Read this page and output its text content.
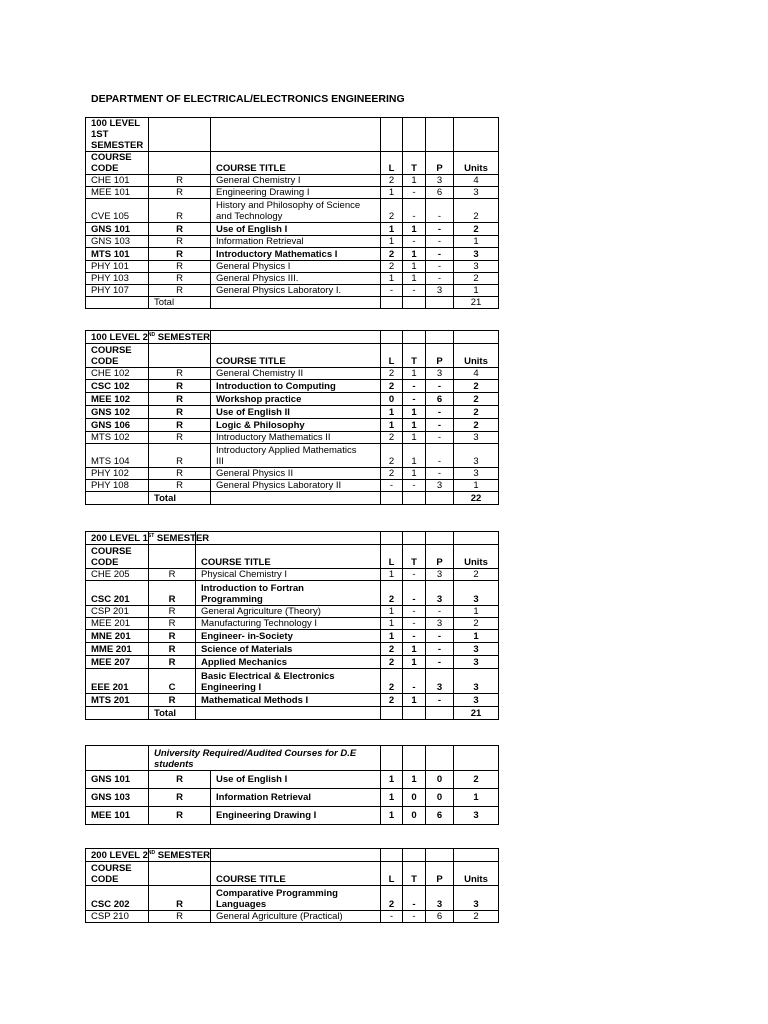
DEPARTMENT OF ELECTRICAL/ELECTRONICS ENGINEERING
100 LEVEL 1ST
SEMESTER						
COURSE
CODE		COURSE TITLE	L	T	P	Units
CHE 101	R	General Chemistry I	2	1	3	4
MEE 101	R	Engineering Drawing I	1	-	6	3
CVE 105	R	History and Philosophy of Science
and Technology	2	-	-	2
GNS 101	R	Use of English I	1	1	-	2
GNS 103	R	Information Retrieval	1	-	-	1
MTS 101	R	Introductory Mathematics I	2	1	-	3
PHY 101	R	General Physics I	2	1	-	3
PHY 103	R	General Physics III.	1	1	-	2
PHY 107	R	General Physics Laboratory I.	-	-	3	1
	Total					21
100 LEVEL 2ND SEMESTER						
COURSE
CODE		COURSE TITLE	L	T	P	Units
CHE 102	R	General Chemistry II	2	1	3	4
CSC 102	R	Introduction to Computing	2	-	-	2
MEE 102	R	Workshop practice	0	-	6	2
GNS 102	R	Use of English II	1	1	-	2
GNS 106	R	Logic & Philosophy	1	1	-	2
MTS 102	R	Introductory Mathematics II	2	1	-	3
MTS 104	R	Introductory Applied Mathematics
III	2	1	-	3
PHY 102	R	General Physics II	2	1	-	3
PHY 108	R	General Physics Laboratory II	-	-	3	1
	Total					22
200 LEVEL 1ST SEMESTER						
COURSE
CODE		COURSE TITLE	L	T	P	Units
CHE 205	R	Physical Chemistry I	1	-	3	2
CSC 201	R	Introduction to Fortran
Programming	2	-	3	3
CSP 201	R	General Agriculture (Theory)	1	-	-	1
MEE 201	R	Manufacturing Technology I	1	-	3	2
MNE 201	R	Engineer- in-Society	1	-	-	1
MME 201	R	Science of Materials	2	1	-	3
MEE 207	R	Applied Mechanics	2	1	-	3
EEE 201	C	Basic Electrical & Electronics
Engineering I	2	-	3	3
MTS 201	R	Mathematical Methods I	2	1	-	3
	Total					21
	University Required/Audited Courses for D.E
students					
GNS 101	R	Use of English I	1	1	0	2
GNS 103	R	Information Retrieval	1	0	0	1
MEE 101	R	Engineering Drawing I	1	0	6	3
200 LEVEL 2ND SEMESTER						
COURSE
CODE		COURSE TITLE	L	T	P	Units
CSC 202	R	Comparative Programming
Languages	2	-	3	3
CSP 210	R	General Agriculture (Practical)	-	-	6	2
